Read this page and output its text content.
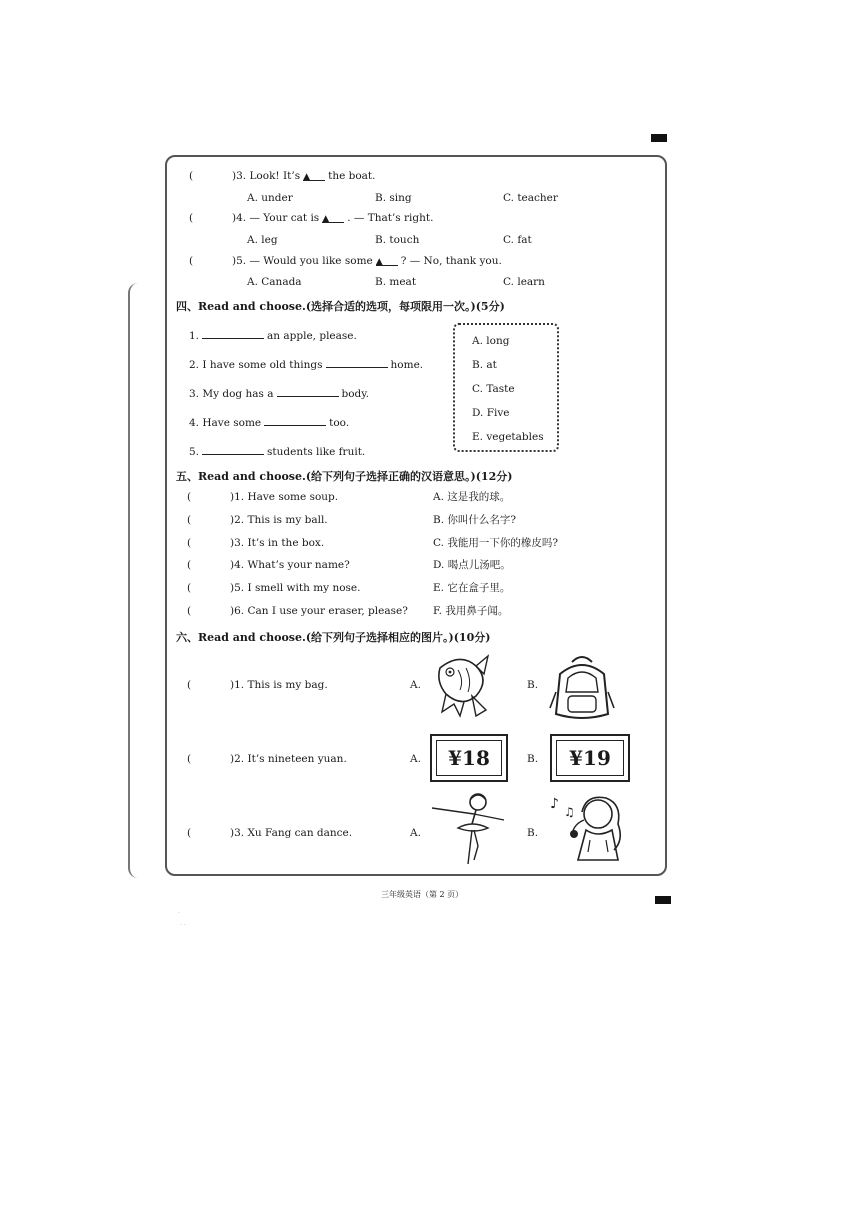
(	)3. Look! It’s ▲ the boat.
A. under	B. sing	C. teacher
(	)4. — Your cat is ▲ . — That’s right.
A. leg	B. touch	C. fat
(	)5. — Would you like some ▲ ? — No, thank you.
A. Canada	B. meat	C. learn
四、Read and choose.(选择合适的选项，每项限用一次。)(5分)
1.	an apple, please.
2. I have some old things	home.
3. My dog has a	body.
4. Have some	too.
5.	students like fruit.
A. long
B. at
C. Taste
D. Five
E. vegetables
五、Read and choose.(给下列句子选择正确的汉语意思。)(12分)
(	)1. Have some soup.	A. 这是我的球。
(	)2. This is my ball.	B. 你叫什么名字?
(	)3. It’s in the box.	C. 我能用一下你的橡皮吗?
(	)4. What’s your name?	D. 喝点儿汤吧。
(	)5. I smell with my nose.	E. 它在盒子里。
(	)6. Can I use your eraser, please? F. 我用鼻子闻。
六、Read and choose.(给下列句子选择相应的图片。)(10分)
(	)1. This is my bag.	A.	B.
(	)2. It’s nineteen yuan.	A.	¥18	B.	¥19
(	)3. Xu Fang can dance.	A.	B.
♪ ♫
三年级英语（第 2 页）
·
· ·
